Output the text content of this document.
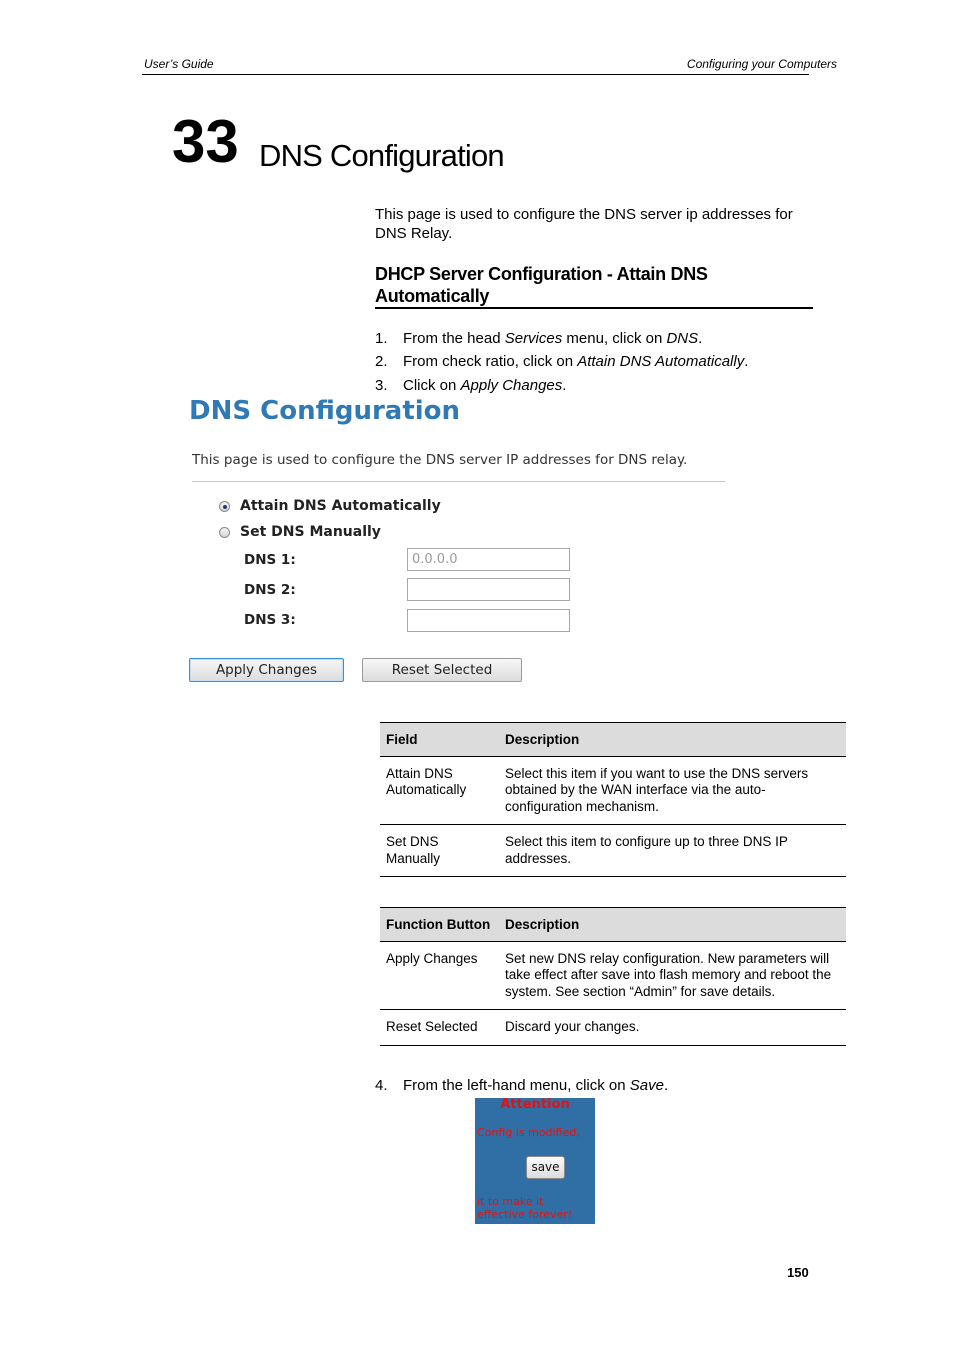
User’s Guide	Configuring your Computers
33 DNS Configuration
This page is used to configure the DNS server ip addresses for DNS Relay.
DHCP Server Configuration - Attain DNS Automatically
1. From the head Services menu, click on DNS.
2. From check ratio, click on Attain DNS Automatically.
3. Click on Apply Changes.
DNS Configuration
This page is used to configure the DNS server IP addresses for DNS relay.
Attain DNS Automatically
Set DNS Manually
DNS 1:	0.0.0.0
DNS 2:
DNS 3:
Apply Changes	Reset Selected
Field	Description
Attain DNS Automatically	Select this item if you want to use the DNS servers obtained by the WAN interface via the auto-configuration mechanism.
Set DNS Manually	Select this item to configure up to three DNS IP addresses.
Function Button	Description
Apply Changes	Set new DNS relay configuration. New parameters will take effect after save into flash memory and reboot the system. See section “Admin” for save details.
Reset Selected	Discard your changes.
4. From the left-hand menu, click on Save.
Attention
Config is modified,
save
it to make it effective forever!
150
